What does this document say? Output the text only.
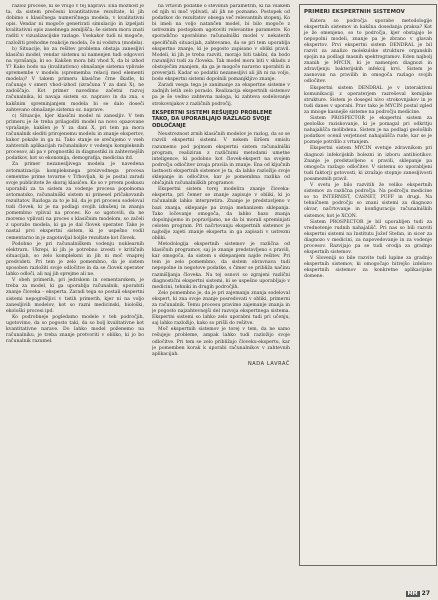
razlož procese, ki se vršijo v tej napravi. Ena možnost je ta, da sistem prečesni kvantitativne rezultate, ki jih dobimo s klasičnega numeričnega modela, v kvalitativni opis. Vendar ni mogoče generirati simulacijo in izpeljati kvalitativni opis zasebnega zemljišča; še sistem mora znati raditi v vizualizacijske razlage. Vsekakor tudi ni mogoče, razložiti prehodne reakcije modela, če ni vodstva (modela).

b) Situacije, ko za rešitev problema obstaja zanesljivi klasični model, vendar sistemu ni namenjen tudi odgovori na vprašanja, ki so: Kakšen mora biti vhod X, da bi izhod Y? Kako bodo na (kvalitativno) obnašanje sistema vplivale spremembe v modelu (sprememba relacij med elementi modela)? V takem primeru klasične črne škatle, ki računajo v smeri vhod–izhod (izračuna Y za dani X), ne zadoščajo. Kot primer navedimo začetni razvoj računalnika, ki navaja sistem oz. napravo in da zna, s kakšnim spreminjanjem modela bi se dalo doseči zahtevano obnašanje sistema oz. naprave.

c) Situacije, kjer klasični model ni zanesljiv. V tem primeru je še treba prilagoditi model na novo opazovane vprašanje, kakšen je Y za dani X, pri tem pa mora računalnik slediti prirojenemu modelu in znanje ekspertov, kakor pokaže in ga ni. Tako stanje se srečujemo v vseh zahtevnih aplikacijah računalnikov v vodenju kompleksnih procesov, ali pa v prognostiki in diagnostiki in zahtevnejših podatkov, kot so ekonomija, demografija, medicina itd.

Za primer nezanesljivega modela je navedena avtomatizacija kompleksnega proizvodnega procesa cementne prime tovarne v Trbovljah, ki je postal zaradi svoje publicitete že skoraj klasičen. Ko so v prvem poskusu uporabili za ta sistem za vodenje procesa popolnoma avtomatsko, računalniški sistem ni prinesel pričakovanih rezultatov. Razloga za to je bil, da je pri procesu sodeloval tudi človek, ki je na podlagi svojih izkušenj in znanja pomembno vplival na proces. Ko so ugotovili, da ne moremo vplivati na proces s klasičnim modelom, so začeli z uporabo modela, ki ga je dal človek operater. Tako je nastal prvi ekspertni sistem, ki je uspešno vodil cementarno in je zagotavljal boljše rezultate kot človek.

Podobno je pri računalniškem vodenju nuklearnih elektrarn. Ukrepi, ki jih je potrebno izvesti v kritičnih situacijah, so zelo kompleksni in jih ni moč vnaprej predvideti. Pri tem je zelo pomembno, da je sistem sposoben razložiti svoje odločitve in da se človek operater lahko odloči, ali naj jih sprejme ali ne.

V obeh primerih, pri jedrskem in cementarskem, je treba za model, ki ga uporablja računalnik, uporabiti znanje človeka – eksperta. Zaradi tega so postali ekspertni sistemi nepogrešljivi v tistih primerih, kjer ni na voljo zanesljivih modelov, kot so razni medicinski, biološki, ekološki procesi ipd.

Ko podrobneje pogledamo modele v teh področjih, ugotovimo, da so pogosto taki, da so bolj kvalitativne kot kvantitativne narave. Do lahko model poženemo na računalniku, je treba znanje pretvoriti v obliko, ki jo bo računalnik razumel.

ha vrtavih podatke o številnih parametrih, ki na vsakem od njih ni moč vplivati, ali jih ne poznamo. Postopek od podatkov do rezultatov obsega več relevantnih stopenj. Ko bi imeli na voljo natančen model, bi bilo mogoče z ustreznim postopkom ugotoviti relevantne parametre. Ko sporadično uporabimo računalniški model v nekaterih specifičnih situacijah, zahtevamo, da se pri tem uporablja ekspertno znanje, ki je pogosto zapisano v obliki pravil. Modeli, ki jih je treba razviti, morajo biti takšni, da bodo razumljivi tudi za človeka. Tak model mora biti v skladu z obstoječim znanjem, da ga je mogoče naravno uporabiti in preverjati. Kadar so podatki nezanesljivi ali jih ni na voljo, bodo ekspertni sistemi dopolnili pomanjkljivo znanje.

Zaradi vsega tega je zanimanje za ekspertne sisteme v zadnjih letih zelo poraslo. Realizacija ekspertnih sistemov pa je še vedno zahtevna naloga, ki zahteva sodelovanje strokovnjakov z različnih področij.

EKSPERTNI SISTEMI REŠUJEJO PROBLEME TAKO, DA UPORABLJAJO RAZLAGO SVOJE ODLOČANJE

Neustreznost zrnih klasičnih modelov je razlog, da so se razvili ekspertni sistemi. V nekem širšem smislu razumemo pod pojmom ekspertni sistem računalniški program, realiziran z različnimi metodami umetne inteligence, ki podobno kot človek-ekspert na svojem področju odločitev izvaja pravila in znanje. Ena od ključnih lastnosti ekspertnih sistemov je ta, da lahko razložijo svoje sklepanje in odločitve, kar je pomembna razlika od običajnih računalniških programov.

Ekspertni sistem torej modelira znanje človeka-eksperta, pri čemer se znanje zapisuje v obliki, ki jo računalnik lahko interpretira. Znanje je predstavljeno v bazi znanja, sklepanje pa izvaja mehanizem sklepanja. Tako ločevanje omogoča, da lahko bazo znanja dopolnjujemo in popravljamo, ne da bi morali spreminjati celoten program. Pri načrtovanju ekspertnih sistemov je najtežje zajeti znanje eksperta in ga zapisati v ustrezni obliki.

Metodologija ekspertnih sistemov je različna od klasičnih programov, saj je znanje predstavljeno s pravili, kar omogoča, da sistem s sklepanjem najde rešitev. Pri tem je zelo pomembno, da sistem obravnava tudi nepopolne in negotove podatke, s čimer se približa načinu razmišljanja človeka. Na tej osnovi so zgrajeni različni diagnostični ekspertni sistemi, ki se uspešno uporabljajo v medicini, tehniki in drugih področjih.

Zelo pomembno je, da je pri zajemanju znanja sodeloval ekspert, ki zna svoje znanje posredovati v obliki, primerni za računalnik. Temu procesu pravimo zajemanje znanja in je pogosto najzahtevnejši del razvoja ekspertnega sistema. Ekspertni sistemi so lahko zelo uporabni tudi pri učenju, saj lahko razložijo, kako so prišli do rešitve.

Moč ekspertnih sistemov je torej v tem, da ne samo rešujejo probleme, ampak lahko tudi razložijo svoje odločitve. Pri tem se zelo približajo človeku-ekspertu, kar je pomemben korak k uporabi računalnikov v zahtevnih aplikacijah.

NADA LAVRAČ
PRIMERI EKSPERTNIH SISTEMOV

Katera so področja uporabe metodologije ekspertnih sistemov in kakšna dosedanja praksa? Kot je že omenjeno, so to področja, kjer obstajajo le nepopolni modeli, znanje pa je zbrano v glavah ekspertov. Prvi ekspertni sistem DENDRAL je bil razvit za analizo molekulske strukture organskih spojin na podlagi masnih spektrogramov. Eden najbolj znanih je MYCIN, ki je namenjen diagnozi in zdravljenju bakterijskih infekcij krvi. Sistem je zasnovan na pravilih in omogoča razlago svojih odločitev.

Ekspertni sistem DENDRAL je v interaktivni komunikaciji z operaterjem razreševal kemijske strukture. Sistem je dosegel nivo strokovnjakov in je tudi danes v uporabi. Prav tako je MYCIN postal zgled za mnoge kasnejše sisteme na področju medicine.

Sistem PROSPECTOR je ekspertni sistem za geološko raziskovanje, ki je pomagal pri odkritju nahajališča molibdena. Sistem je na podlagi geoloških podatkov ocenil verjetnost nahajališča rude, kar se je pozneje potrdilo z vrtanjem.

Ekspertni sistem MYCIN svetuje zdravnikom pri diagnozi infekcijskih bolezni in izboru antibiotikov. Znanje je predstavljeno s pravili, sklepanje pa omogoča razlago odločitev. V sistemu so uporabljeni tudi faktorji gotovosti, ki izražajo stopnjo zanesljivosti posameznih pravil.

V svetu je bilo razvitih že veliko ekspertnih sistemov za različna področja. Na področju medicine so to INTERNIST, CASNET, PUFF in drugi. Na tehničnem področju so znani sistemi za diagnozo okvar, načrtovanje in konfiguracijo računalniških sistemov, kot je XCON.

Sistem PROSPECTOR je bil uporabljen tudi za vrednotenje rudnih nahajališč. Pri nas so bili razviti ekspertni sistemi na Institutu Jožef Stefan, in sicer za diagnozo v medicini, za napovedovanje in za vodenje procesov. Razvijajo pa se tudi orodja za gradnjo ekspertnih sistemov.

V Sloveniji so bile razvite tudi lupine za gradnjo ekspertnih sistemov, ki omogočajo hitrejšo izdelavo ekspertnih sistemov za konkretne aplikacijske domene.

MM 27
